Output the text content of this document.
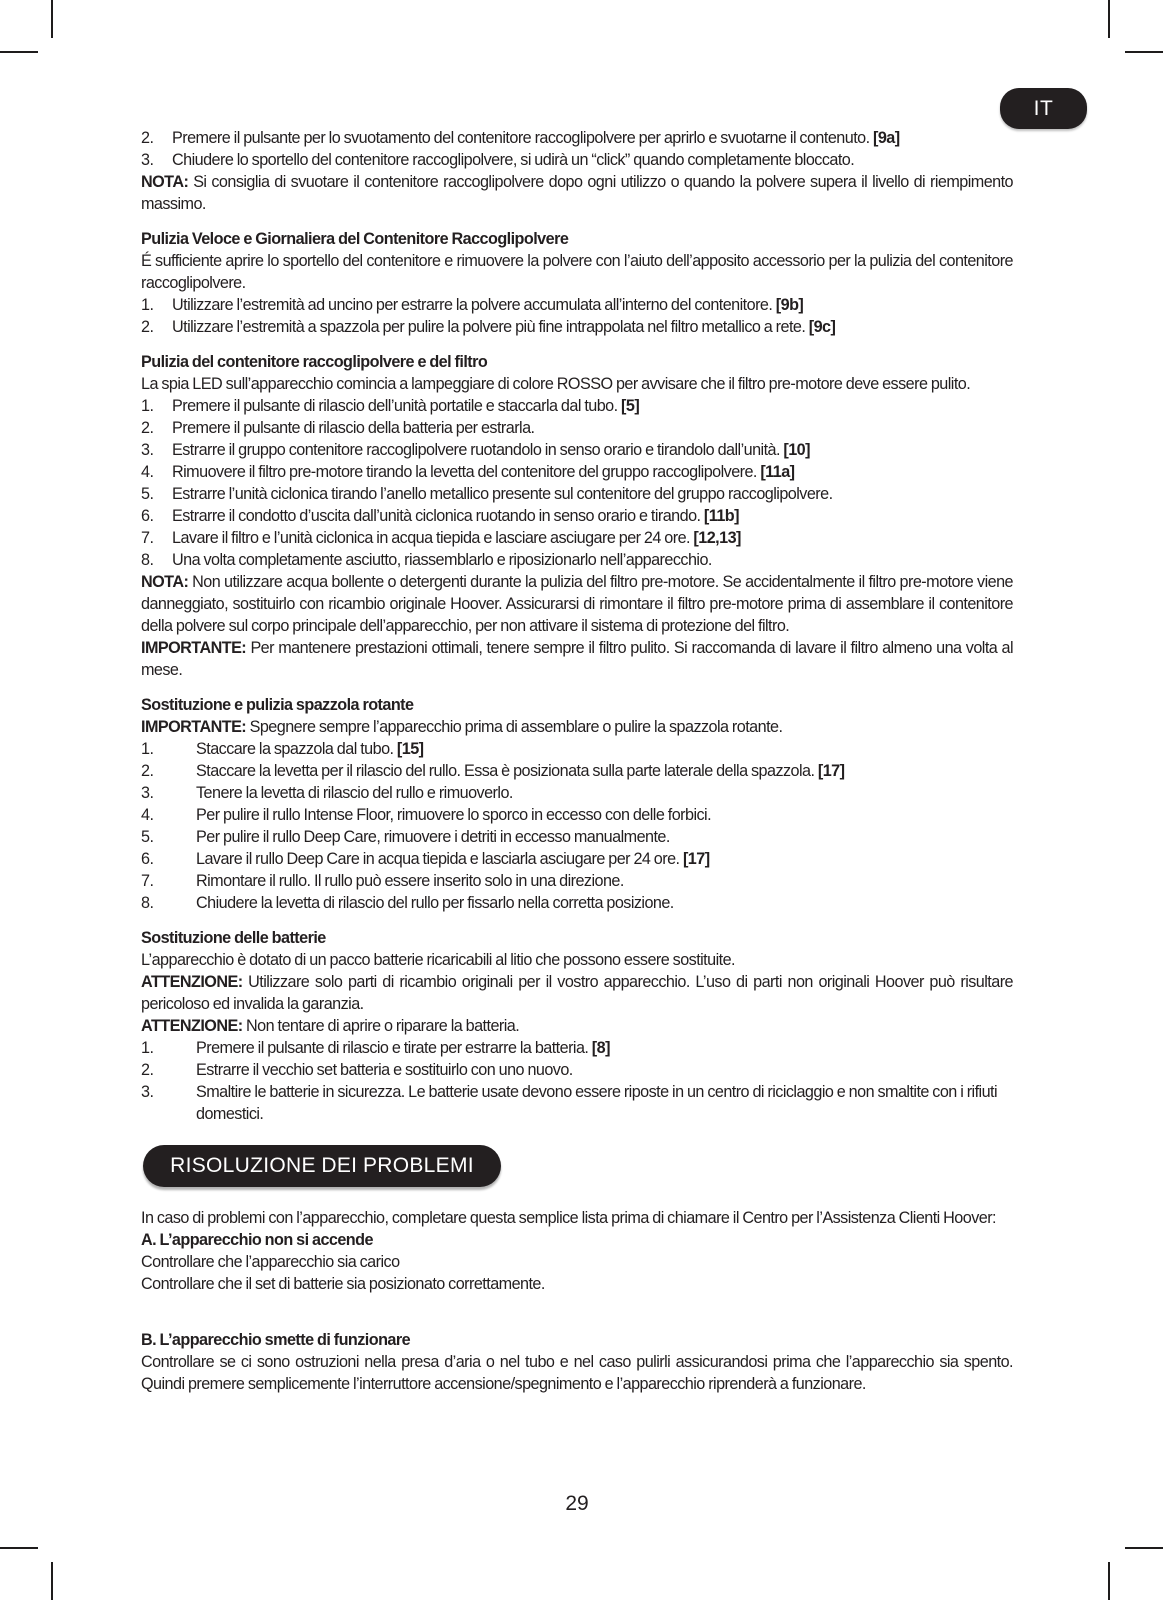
IT
2. Premere il pulsante per lo svuotamento del contenitore raccoglipolvere per aprirlo e svuotarne il contenuto. [9a]
3. Chiudere lo sportello del contenitore raccoglipolvere, si udirà un “click” quando completamente bloccato.
NOTA: Si consiglia di svuotare il contenitore raccoglipolvere dopo ogni utilizzo o quando la polvere supera il livello di riempimento massimo.
Pulizia Veloce e Giornaliera del Contenitore Raccoglipolvere
É sufficiente aprire lo sportello del contenitore e rimuovere la polvere con l’aiuto dell’apposito accessorio per la pulizia del contenitore raccoglipolvere.
1. Utilizzare l’estremità ad uncino per estrarre la polvere accumulata all’interno del contenitore. [9b]
2. Utilizzare l’estremità a spazzola per pulire la polvere più fine intrappolata nel filtro metallico a rete. [9c]
Pulizia del contenitore raccoglipolvere e del filtro
La spia LED sull’apparecchio comincia a lampeggiare di colore ROSSO per avvisare che il filtro pre-motore deve essere pulito.
1. Premere il pulsante di rilascio dell’unità portatile e staccarla dal tubo. [5]
2. Premere il pulsante di rilascio della batteria per estrarla.
3. Estrarre il gruppo contenitore raccoglipolvere ruotandolo in senso orario e tirandolo dall’unità. [10]
4. Rimuovere il filtro pre-motore tirando la levetta del contenitore del gruppo raccoglipolvere. [11a]
5. Estrarre l’unità ciclonica tirando l’anello metallico presente sul contenitore del gruppo raccoglipolvere.
6. Estrarre il condotto d’uscita dall’unità ciclonica ruotando in senso orario e tirando. [11b]
7. Lavare il filtro e l’unità ciclonica in acqua tiepida e lasciare asciugare per 24 ore. [12,13]
8. Una volta completamente asciutto, riassemblarlo e riposizionarlo nell’apparecchio.
NOTA: Non utilizzare acqua bollente o detergenti durante la pulizia del filtro pre-motore. Se accidentalmente il filtro pre-motore viene danneggiato, sostituirlo con ricambio originale Hoover. Assicurarsi di rimontare il filtro pre-motore prima di assemblare il contenitore della polvere sul corpo principale dell’apparecchio, per non attivare il sistema di protezione del filtro.
IMPORTANTE: Per mantenere prestazioni ottimali, tenere sempre il filtro pulito. Si raccomanda di lavare il filtro almeno una volta al mese.
Sostituzione e pulizia spazzola rotante
IMPORTANTE: Spegnere sempre l’apparecchio prima di assemblare o pulire la spazzola rotante.
1.	Staccare la spazzola dal tubo. [15]
2.	Staccare la levetta per il rilascio del rullo. Essa è posizionata sulla parte laterale della spazzola. [17]
3.	Tenere la levetta di rilascio del rullo e rimuoverlo.
4.	Per pulire il rullo Intense Floor, rimuovere lo sporco in eccesso con delle forbici.
5.	Per pulire il rullo Deep Care, rimuovere i detriti in eccesso manualmente.
6.	Lavare il rullo Deep Care in acqua tiepida e lasciarla asciugare per 24 ore. [17]
7.	Rimontare il rullo. Il rullo può essere inserito solo in una direzione.
8.	Chiudere la levetta di rilascio del rullo per fissarlo nella corretta posizione.
Sostituzione delle batterie
L’apparecchio è dotato di un pacco batterie ricaricabili al litio che possono essere sostituite.
ATTENZIONE: Utilizzare solo parti di ricambio originali per il vostro apparecchio. L’uso di parti non originali Hoover può risultare pericoloso ed invalida la garanzia.
ATTENZIONE: Non tentare di aprire o riparare la batteria.
1.	Premere il pulsante di rilascio e tirate per estrarre la batteria. [8]
2.	Estrarre il vecchio set batteria e sostituirlo con uno nuovo.
3.	Smaltire le batterie in sicurezza. Le batterie usate devono essere riposte in un centro di riciclaggio e non smaltite con i rifiuti domestici.
RISOLUZIONE DEI PROBLEMI
In caso di problemi con l’apparecchio, completare questa semplice lista prima di chiamare il Centro per l’Assistenza Clienti Hoover:
A. L’apparecchio non si accende
Controllare che l’apparecchio sia carico
Controllare che il set di batterie sia posizionato correttamente.
B. L’apparecchio smette di funzionare
Controllare se ci sono ostruzioni nella presa d’aria o nel tubo e nel caso pulirli assicurandosi prima che l’apparecchio sia spento. Quindi premere semplicemente l’interruttore accensione/spegnimento e l’apparecchio riprenderà a funzionare.
29
